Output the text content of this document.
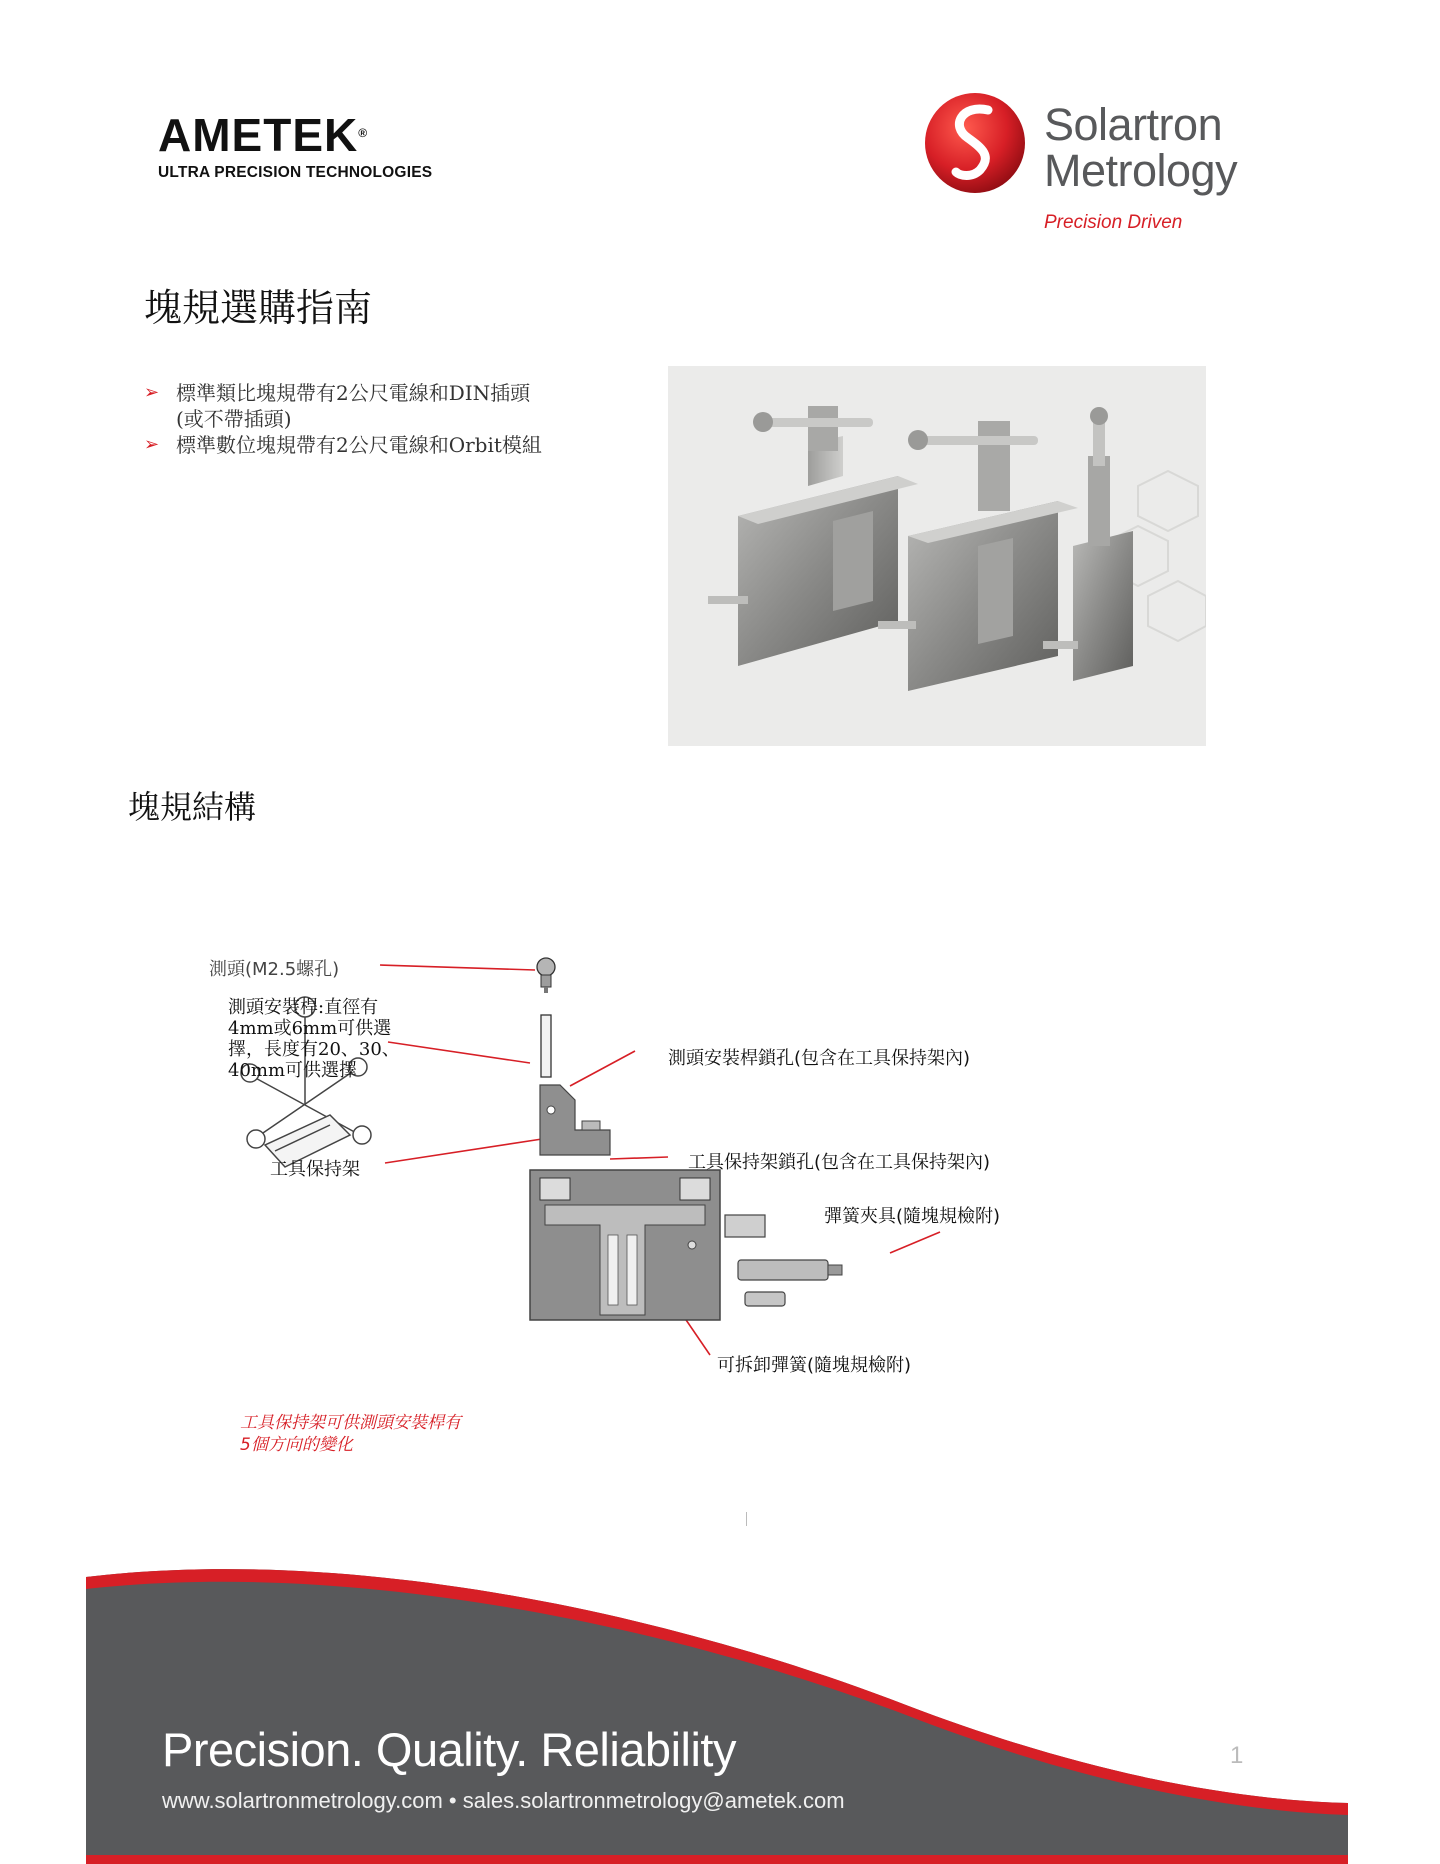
AMETEK®
ULTRA PRECISION TECHNOLOGIES
Solartron
Metrology
Precision Driven
塊規選購指南
➢ 標準類比塊規帶有2公尺電線和DIN插頭
(或不帶插頭)
➢ 標準數位塊規帶有2公尺電線和Orbit模組
塊規結構
測頭(M2.5螺孔)
測頭安裝桿:直徑有4mm或6mm可供選擇，長度有20、30、40mm可供選擇
測頭安裝桿鎖孔(包含在工具保持架內)
工具保持架	工具保持架鎖孔(包含在工具保持架內)
彈簧夾具(隨塊規檢附)
可拆卸彈簧(隨塊規檢附)
工具保持架可供測頭安裝桿有5個方向的變化
Precision. Quality. Reliability
www.solartronmetrology.com • sales.solartronmetrology@ametek.com
1
